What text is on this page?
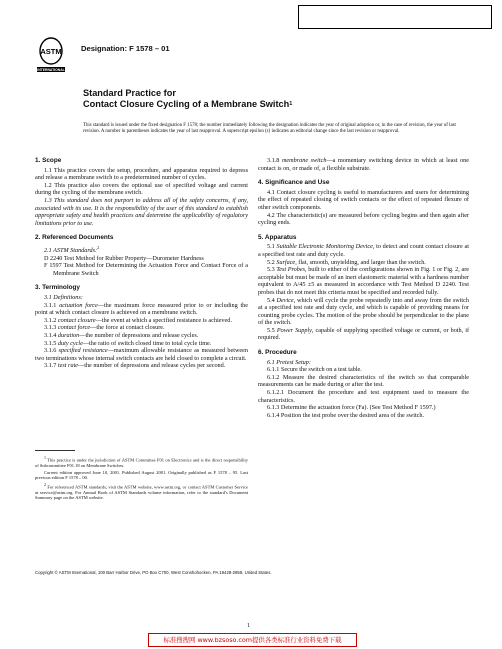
ASTM
INTERNATIONAL
Designation: F 1578 – 01
Standard Practice for
Contact Closure Cycling of a Membrane Switch$^1$
This standard is issued under the fixed designation F 1578; the number immediately following the designation indicates the year of original adoption or, in the case of revision, the year of last revision. A number in parentheses indicates the year of last reapproval. A superscript epsilon (ε) indicates an editorial change since the last revision or reapproval.

1. Scope

1.1 This practice covers the setup, procedure, and apparatus required to depress and release a membrane switch to a predetermined number of cycles.

1.2 This practice also covers the optional use of specified voltage and current during the cycling of the membrane switch.

1.3 This standard does not purport to address all of the safety concerns, if any, associated with its use. It is the responsibility of the user of this standard to establish appropriate safety and health practices and determine the applicability of regulatory limitations prior to use.

2. Referenced Documents

2.1 ASTM Standards:$^2$

D 2240 Test Method for Rubber Property—Durometer Hardness

F 1597 Test Method for Determining the Actuation Force and Contact Force of a Membrane Switch

3. Terminology

3.1 Definitions:

3.1.1 actuation force—the maximum force measured prior to or including the point at which contact closure is achieved on a membrane switch.

3.1.2 contact closure—the event at which a specified resistance is achieved.

3.1.3 contact force—the force at contact closure.

3.1.4 duration—the number of depressions and release cycles.

3.1.5 duty cycle—the ratio of switch closed time to total cycle time.

3.1.6 specified resistance—maximum allowable resistance as measured between two terminations whose internal switch contacts are held closed to complete a circuit.

3.1.7 test rate—the number of depressions and release cycles per second.

$^1$ This practice is under the jurisdiction of ASTM Committee F01 on Electronics and is the direct responsibility of Subcommittee F01.18 on Membrane Switches.

Current edition approved June 10, 2001. Published August 2001. Originally published as F 1578 – 95. Last previous edition F 1578 – 00.

$^2$ For referenced ASTM standards, visit the ASTM website, www.astm.org, or contact ASTM Customer Service at service@astm.org. For Annual Book of ASTM Standards volume information, refer to the standard's Document Summary page on the ASTM website.

3.1.8 membrane switch—a momentary switching device in which at least one contact is on, or made of, a flexible substrate.

4. Significance and Use

4.1 Contact closure cycling is useful to manufacturers and users for determining the effect of repeated closing of switch contacts or the effect of repeated flexure of other switch components.

4.2 The characteristic(s) are measured before cycling begins and then again after cycling ends.

5. Apparatus

5.1 Suitable Electronic Monitoring Device, to detect and count contact closure at a specified test rate and duty cycle.

5.2 Surface, flat, smooth, unyielding, and larger than the switch.

5.3 Test Probes, built to either of the configurations shown in Fig. 1 or Fig. 2, are acceptable but must be made of an inert elastomeric material with a hardness number equivalent to A/45 ±5 as measured in accordance with Test Method D 2240. Test probes that do not meet this criteria must be specified and recorded fully.

5.4 Device, which will cycle the probe repeatedly into and away from the switch at a specified test rate and duty cycle, and which is capable of providing means for counting probe cycles. The motion of the probe should be perpendicular to the plane of the switch.

5.5 Power Supply, capable of supplying specified voltage or current, or both, if required.

6. Procedure

6.1 Pretest Setup:

6.1.1 Secure the switch on a test table.

6.1.2 Measure the desired characteristics of the switch so that comparable measurements can be made during or after the test.

6.1.2.1 Document the procedure and test equipment used to measure the characteristics.

6.1.3 Determine the actuation force (Fa). (See Test Method F 1597.)

6.1.4 Position the test probe over the desired area of the switch.

Copyright © ASTM International, 100 Barr Harbor Drive, PO Box C700, West Conshohocken, PA 19428-2959, United States.
1
标准搜搜网 www.bzsoso.com提供各类标准行业资料免费下载
